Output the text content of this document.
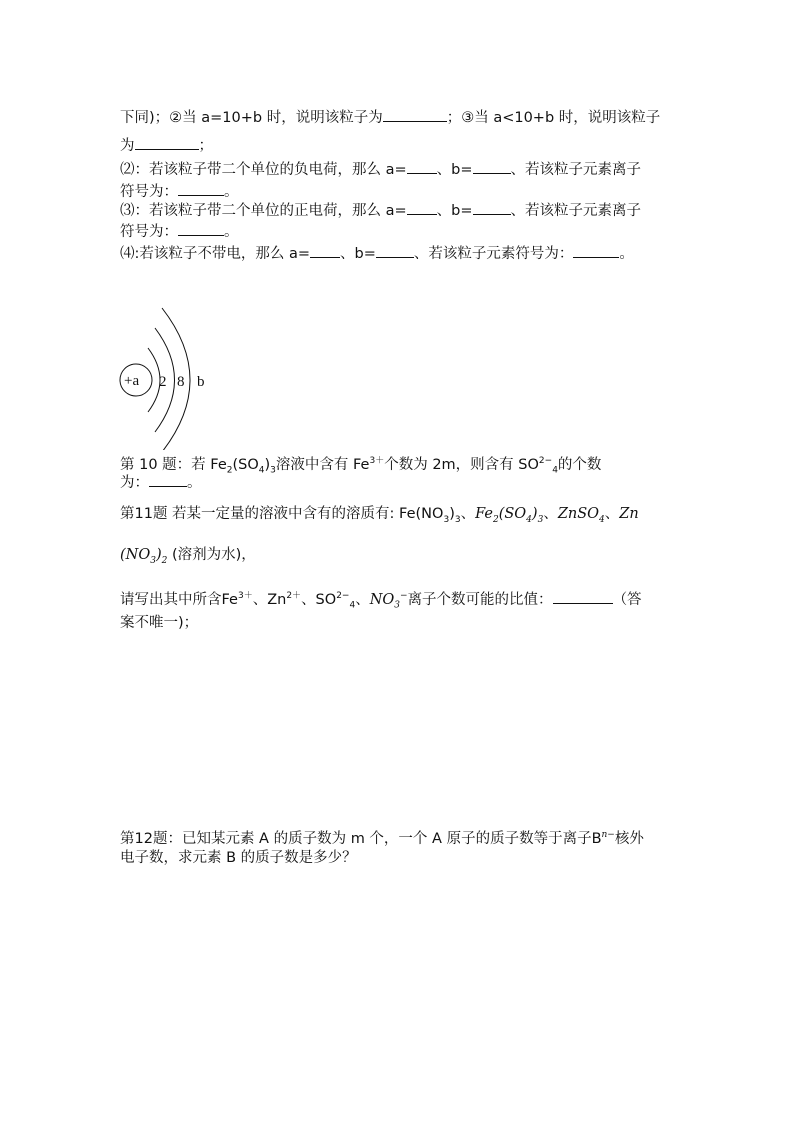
下同)；②当 a=10+b 时，说明该粒子为	；③当 a<10+b 时，说明该粒子
为	；
⑵：若该粒子带二个单位的负电荷，那么 a= 、b=	、若该粒子元素离子
符号为：	。
⑶：若该粒子带二个单位的正电荷，那么 a= 、b=	、若该粒子元素离子
符号为：	。
⑷:若该粒子不带电，那么 a= 、b=	、若该粒子元素符号为：	。
+a 2 8 b
第 10 题：若 $Fe_2(SO_4)_3$溶液中含有 $Fe^{3+}$个数为 2m，则含有 $SO^{2-}_4$的个数
为：	。
第11题 若某一定量的溶液中含有的溶质有: $Fe(NO_3)_3$、$Fe_2(SO_4)_3$、ZnSO$_4$、Zn
$(NO_3)_2$ (溶剂为水)，
请写出其中所含$Fe^{3+}$、$Zn^{2+}$、$SO^{2-}_4$、$NO_3^-$离子个数可能的比值：	（答
案不唯一)；
第12题：已知某元素 A 的质子数为 m 个，一个 A 原子的质子数等于离子$B^{n-}$核外
电子数，求元素 B 的质子数是多少？
